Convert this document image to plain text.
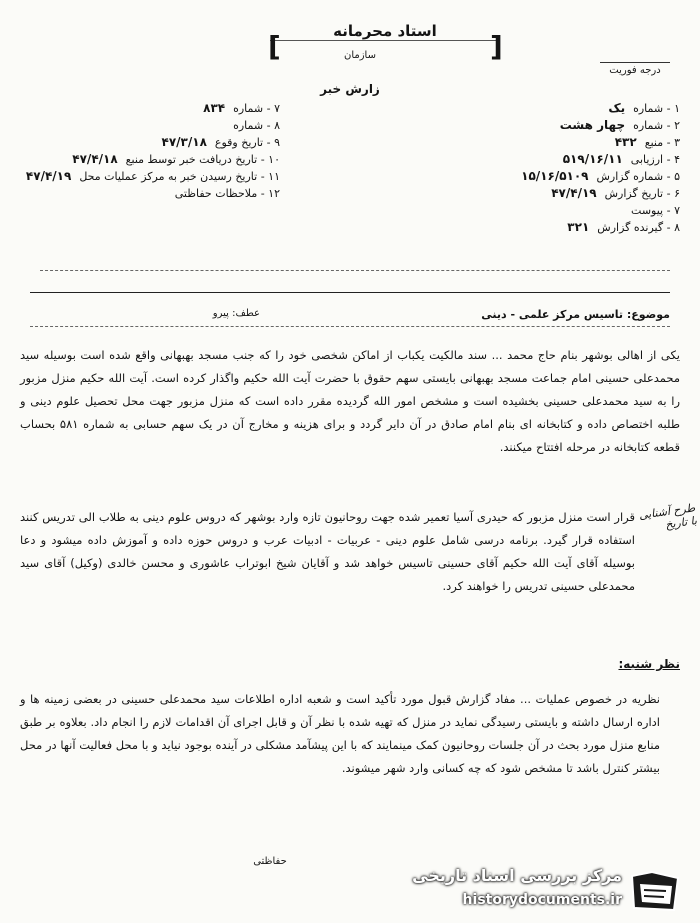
استاد محرمانه
[	]
سازمان
درجه فوریت
زارش خبر
۷ - شماره
۸۳۴
۸ - شماره
۹ - تاریخ وقوع
۴۷/۳/۱۸
۱۰ - تاریخ دریافت خبر توسط منبع
۴۷/۴/۱۸
۱۱ - تاریخ رسیدن خبر به مرکز عملیات محل
۴۷/۴/۱۹
۱۲ - ملاحظات حفاظتی
۱ - شماره
یک
۲ - شماره
چهار هشت
۳ - منبع
۴۳۲
۴ - ارزیابی
۵۱۹/۱۶/۱۱
۵ - شماره گزارش
۱۵/۱۶/۵۱۰۹
۶ - تاریخ گزارش
۴۷/۴/۱۹
۷ - پیوست
۸ - گیرنده گزارش
۳۲۱
موضوع: تاسیس مرکز علمی - دینی
عطف: پیرو
یکی از اهالی بوشهر بنام حاج محمد ... سند مالکیت یکباب از اماکن شخصی خود را که جنب مسجد بهبهانی واقع شده است بوسیله سید محمدعلی حسینی امام جماعت مسجد بهبهانی بایستی سهم حقوق با حضرت آیت الله حکیم واگذار کرده است. آیت الله حکیم منزل مزبور را به سید محمدعلی حسینی بخشیده است و مشخص امور الله گردیده مقرر داده است که منزل مزبور جهت محل تحصیل علوم دینی و طلبه اختصاص داده و کتابخانه ای بنام امام صادق در آن دایر گردد و برای هزینه و مخارج آن در یک سهم حسابی به شماره ۵۸۱ بحساب قطعه کتابخانه در مرحله افتتاح میکنند.
قرار است منزل مزبور که حیدری آسیا تعمیر شده جهت روحانیون تازه وارد بوشهر که دروس علوم دینی به طلاب الی تدریس کنند استفاده قرار گیرد. برنامه درسی شامل علوم دینی - عربیات - ادبیات عرب و دروس حوزه داده و آموزش داده میشود و دعا بوسیله آقای آیت الله حکیم آقای حسینی تاسیس خواهد شد و آقایان شیخ ابوتراب عاشوری و محسن خالدی (وکیل) آقای سید محمدعلی حسینی تدریس را خواهند کرد.
طرح آشنایی با تاریخ
نظر شنبه:
نظریه در خصوص عملیات ... مفاد گزارش قبول مورد تأکید است و شعبه اداره اطلاعات سید محمدعلی حسینی در بعضی زمینه ها و اداره ارسال داشته و بایستی رسیدگی نماید در منزل که تهیه شده با نظر آن و قابل اجرای آن اقدامات لازم را انجام داد. بعلاوه بر طبق منابع منزل مورد بحث در آن جلسات روحانیون کمک مینمایند که با این پیشآمد مشکلی در آینده بوجود نیاید و با محل فعالیت آنها در محل بیشتر کنترل باشد تا مشخص شود که چه کسانی وارد شهر میشوند.
حفاظتی
مرکز بررسی اسناد تاریخی
historydocuments.ir
